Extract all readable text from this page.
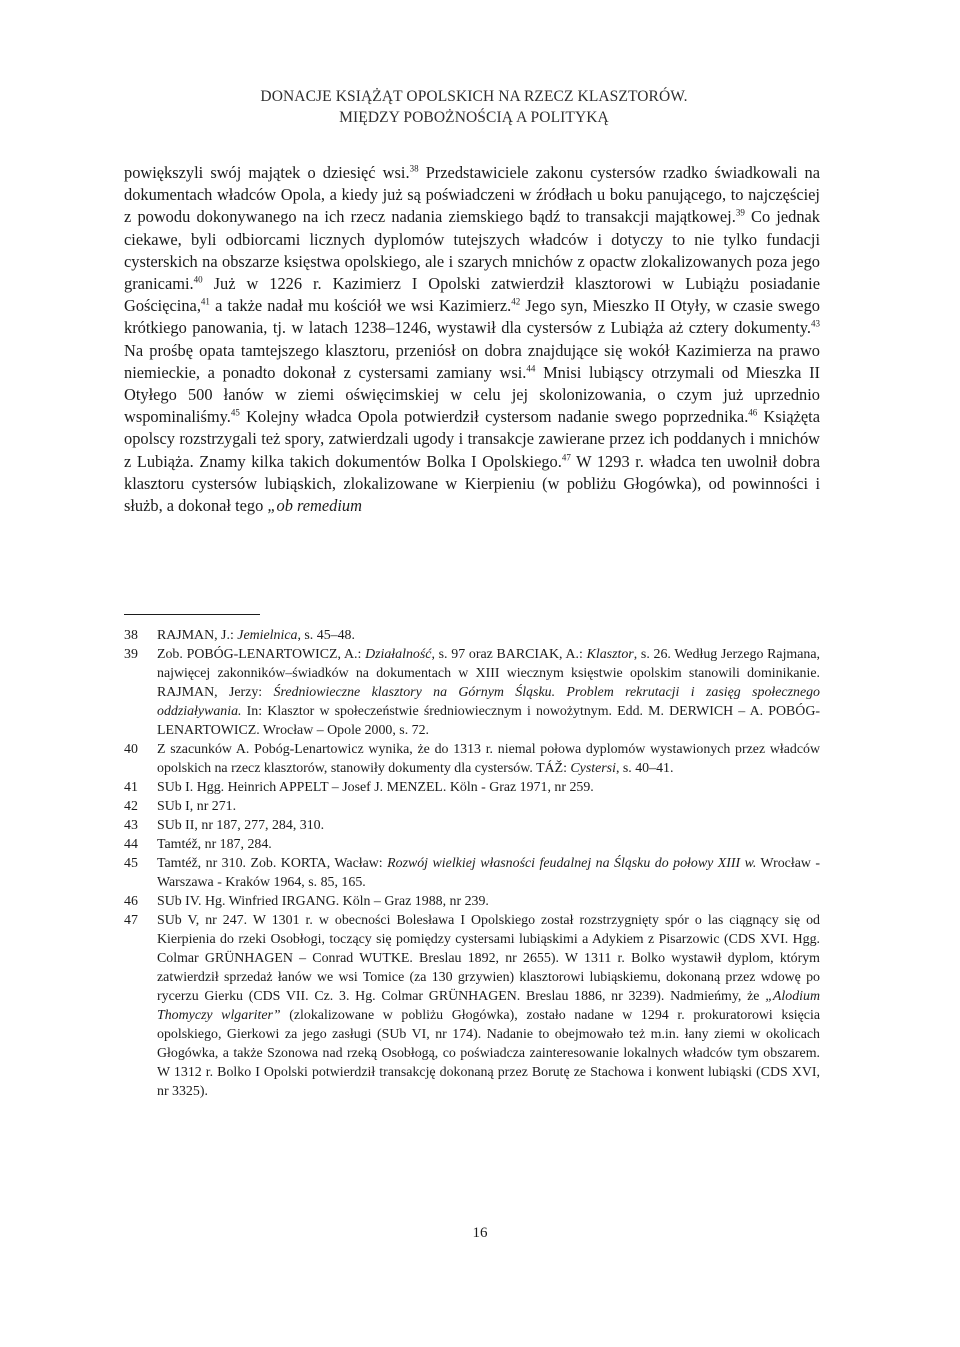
DONACJE KSIĄŻĄT OPOLSKICH NA RZECZ KLASZTORÓW.
MIĘDZY POBOŻNOŚCIĄ A POLITYKĄ
powiększyli swój majątek o dziesięć wsi.$^{38}$ Przedstawiciele zakonu cystersów rzadko świadkowali na dokumentach władców Opola, a kiedy już są poświadczeni w źródłach u boku panującego, to najczęściej z powodu dokonywanego na ich rzecz nadania ziemskiego bądź to transakcji majątkowej.$^{39}$ Co jednak ciekawe, byli odbiorcami licznych dyplomów tutejszych władców i dotyczy to nie tylko fundacji cysterskich na obszarze księstwa opolskiego, ale i szarych mnichów z opactw zlokalizowanych poza jego granicami.$^{40}$ Już w 1226 r. Kazimierz I Opolski zatwierdził klasztorowi w Lubiążu posiadanie Gościęcina,$^{41}$ a także nadał mu kościół we wsi Kazimierz.$^{42}$ Jego syn, Mieszko II Otyły, w czasie swego krótkiego panowania, tj. w latach 1238–1246, wystawił dla cystersów z Lubiąża aż cztery dokumenty.$^{43}$ Na prośbę opata tamtejszego klasztoru, przeniósł on dobra znajdujące się wokół Kazimierza na prawo niemieckie, a ponadto dokonał z cystersami zamiany wsi.$^{44}$ Mnisi lubiąscy otrzymali od Mieszka II Otyłego 500 łanów w ziemi oświęcimskiej w celu jej skolonizowania, o czym już uprzednio wspominaliśmy.$^{45}$ Kolejny władca Opola potwierdził cystersom nadanie swego poprzednika.$^{46}$ Książęta opolscy rozstrzygali też spory, zatwierdzali ugody i transakcje zawierane przez ich poddanych i mnichów z Lubiąża. Znamy kilka takich dokumentów Bolka I Opolskiego.$^{47}$ W 1293 r. władca ten uwolnił dobra klasztoru cystersów lubiąskich, zlokalizowane w Kierpieniu (w pobliżu Głogówka), od powinności i służb, a dokonał tego „ob remedium
38	RAJMAN, J.: Jemielnica, s. 45–48.
39	Zob. POBÓG-LENARTOWICZ, A.: Działalność, s. 97 oraz BARCIAK, A.: Klasztor, s. 26. Według Jerzego Rajmana, najwięcej zakonników–świadków na dokumentach w XIII wiecznym księstwie opolskim stanowili dominikanie. RAJMAN, Jerzy: Średniowieczne klasztory na Górnym Śląsku. Problem rekrutacji i zasięg społecznego oddziaływania. In: Klasztor w społeczeństwie średniowiecznym i nowożytnym. Edd. M. DERWICH – A. POBÓG-LENARTOWICZ. Wrocław – Opole 2000, s. 72.
40	Z szacunków A. Pobóg-Lenartowicz wynika, że do 1313 r. niemal połowa dyplomów wystawionych przez władców opolskich na rzecz klasztorów, stanowiły dokumenty dla cystersów. TÁŽ: Cystersi, s. 40–41.
41	SUb I. Hgg. Heinrich APPELT – Josef J. MENZEL. Köln - Graz 1971, nr 259.
42	SUb I, nr 271.
43	SUb II, nr 187, 277, 284, 310.
44	Tamtéž, nr 187, 284.
45	Tamtéž, nr 310. Zob. KORTA, Wacław: Rozwój wielkiej własności feudalnej na Śląsku do połowy XIII w. Wrocław - Warszawa - Kraków 1964, s. 85, 165.
46	SUb IV. Hg. Winfried IRGANG. Köln – Graz 1988, nr 239.
47	SUb V, nr 247. W 1301 r. w obecności Bolesława I Opolskiego został rozstrzygnięty spór o las ciągnący się od Kierpienia do rzeki Osobłogi, toczący się pomiędzy cystersami lubiąskimi a Adykiem z Pisarzowic (CDS XVI. Hgg. Colmar GRÜNHAGEN – Conrad WUTKE. Breslau 1892, nr 2655). W 1311 r. Bolko wystawił dyplom, którym zatwierdził sprzedaż łanów we wsi Tomice (za 130 grzywien) klasztorowi lubiąskiemu, dokonaną przez wdowę po rycerzu Gierku (CDS VII. Cz. 3. Hg. Colmar GRÜNHAGEN. Breslau 1886, nr 3239). Nadmieńmy, że „Alodium Thomyczy wlgariter” (zlokalizowane w pobliżu Głogówka), zostało nadane w 1294 r. prokuratorowi księcia opolskiego, Gierkowi za jego zasługi (SUb VI, nr 174). Nadanie to obejmowało też m.in. łany ziemi w okolicach Głogówka, a także Szonowa nad rzeką Osobłogą, co poświadcza zainteresowanie lokalnych władców tym obszarem. W 1312 r. Bolko I Opolski potwierdził transakcję dokonaną przez Borutę ze Stachowa i konwent lubiąski (CDS XVI, nr 3325).
16
